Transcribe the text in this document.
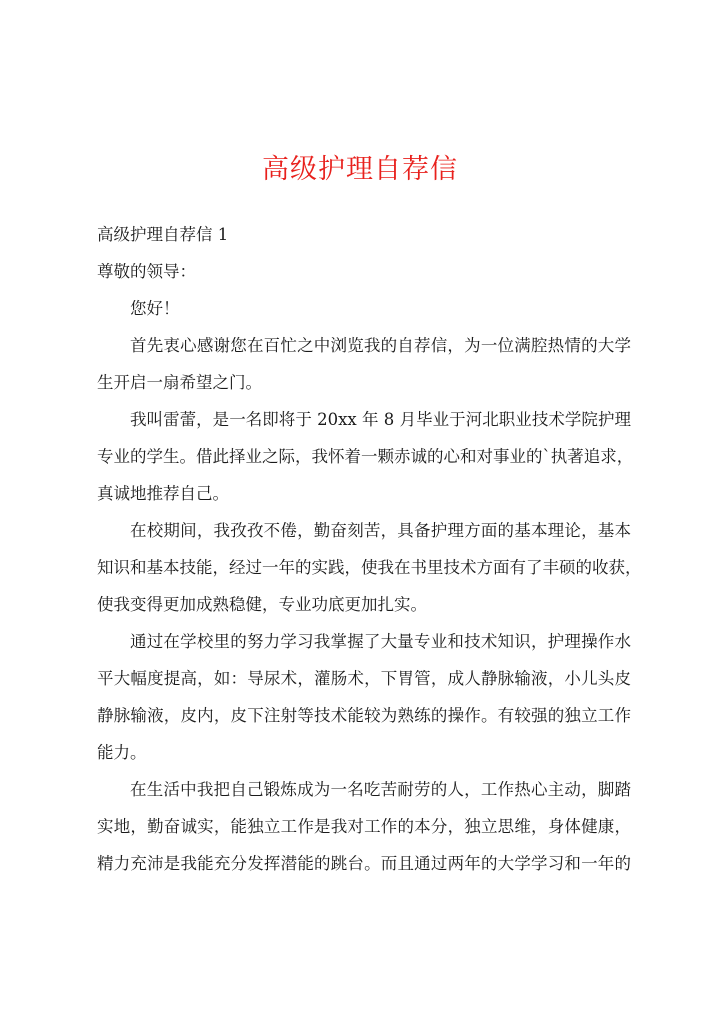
高级护理自荐信
高级护理自荐信 1
尊敬的领导：
您好！
首先衷心感谢您在百忙之中浏览我的自荐信，为一位满腔热情的大学
生开启一扇希望之门。
我叫雷蕾，是一名即将于 20xx 年 8 月毕业于河北职业技术学院护理
专业的学生。借此择业之际，我怀着一颗赤诚的心和对事业的`执著追求，
真诚地推荐自己。
在校期间，我孜孜不倦，勤奋刻苦，具备护理方面的基本理论，基本
知识和基本技能，经过一年的实践，使我在书里技术方面有了丰硕的收获，
使我变得更加成熟稳健，专业功底更加扎实。
通过在学校里的努力学习我掌握了大量专业和技术知识，护理操作水
平大幅度提高，如：导尿术，灌肠术，下胃管，成人静脉输液，小儿头皮
静脉输液，皮内，皮下注射等技术能较为熟练的操作。有较强的独立工作
能力。
在生活中我把自己锻炼成为一名吃苦耐劳的人，工作热心主动，脚踏
实地，勤奋诚实，能独立工作是我对工作的本分，独立思维，身体健康，
精力充沛是我能充分发挥潜能的跳台。而且通过两年的大学学习和一年的
